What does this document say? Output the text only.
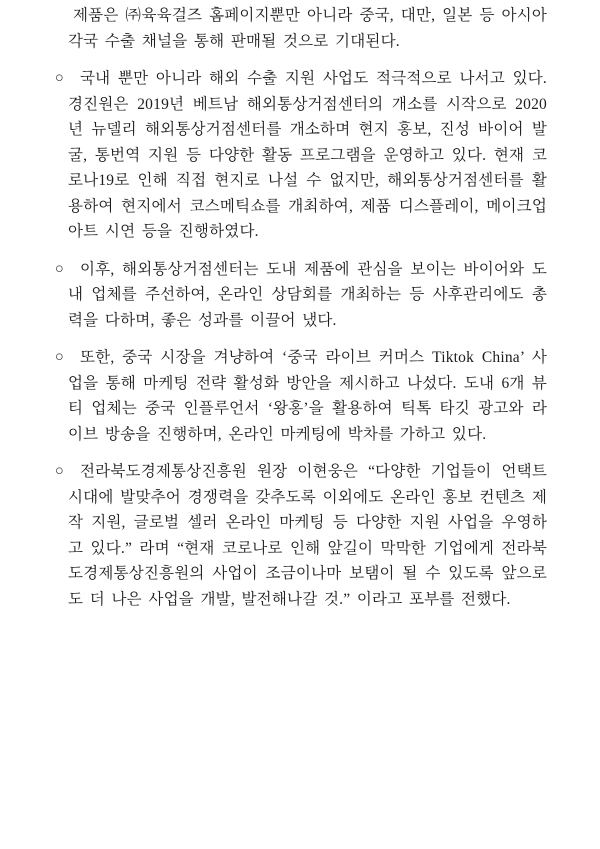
제품은 ㈜육육걸즈 홈페이지뿐만 아니라 중국, 대만, 일본 등 아시아 각국 수출 채널을 통해 판매될 것으로 기대된다.
○ 국내 뿐만 아니라 해외 수출 지원 사업도 적극적으로 나서고 있다. 경진원은 2019년 베트남 해외통상거점센터의 개소를 시작으로 2020년 뉴델리 해외통상거점센터를 개소하며 현지 홍보, 진성 바이어 발굴, 통번역 지원 등 다양한 활동 프로그램을 운영하고 있다. 현재 코로나19로 인해 직접 현지로 나설 수 없지만, 해외통상거점센터를 활용하여 현지에서 코스메틱쇼를 개최하여, 제품 디스플레이, 메이크업아트 시연 등을 진행하였다.
○ 이후, 해외통상거점센터는 도내 제품에 관심을 보이는 바이어와 도내 업체를 주선하여, 온라인 상담회를 개최하는 등 사후관리에도 총력을 다하며, 좋은 성과를 이끌어 냈다.
○ 또한, 중국 시장을 겨냥하여 ‘중국 라이브 커머스 Tiktok China’ 사업을 통해 마케팅 전략 활성화 방안을 제시하고 나섰다. 도내 6개 뷰티 업체는 중국 인플루언서 ‘왕홍’을 활용하여 틱톡 타깃 광고와 라이브 방송을 진행하며, 온라인 마케팅에 박차를 가하고 있다.
○ 전라북도경제통상진흥원 원장 이현웅은 “다양한 기업들이 언택트 시대에 발맞추어 경쟁력을 갖추도록 이외에도 온라인 홍보 컨텐츠 제작 지원, 글로벌 셀러 온라인 마케팅 등 다양한 지원 사업을 우영하고 있다.” 라며 “현재 코로나로 인해 앞길이 막막한 기업에게 전라북도경제통상진흥원의 사업이 조금이나마 보탬이 될 수 있도록 앞으로도 더 나은 사업을 개발, 발전해나갈 것.” 이라고 포부를 전했다.
